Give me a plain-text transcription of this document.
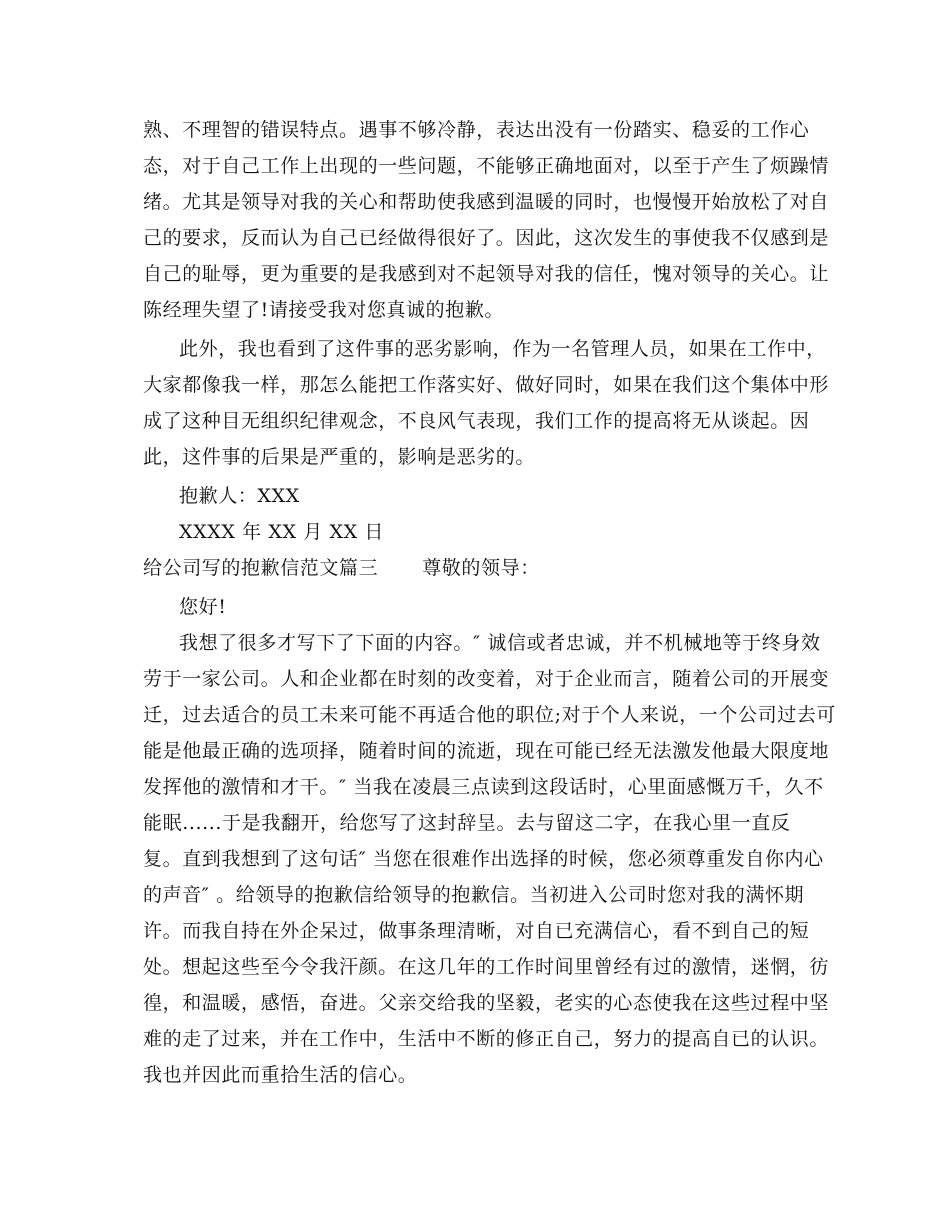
熟、不理智的错误特点。遇事不够冷静，表达出没有一份踏实、稳妥的工作心
态，对于自己工作上出现的一些问题，不能够正确地面对，以至于产生了烦躁情
绪。尤其是领导对我的关心和帮助使我感到温暖的同时，也慢慢开始放松了对自
己的要求，反而认为自己已经做得很好了。因此，这次发生的事使我不仅感到是
自己的耻辱，更为重要的是我感到对不起领导对我的信任，愧对领导的关心。让
陈经理失望了!请接受我对您真诚的抱歉。
此外，我也看到了这件事的恶劣影响，作为一名管理人员，如果在工作中，
大家都像我一样，那怎么能把工作落实好、做好同时，如果在我们这个集体中形
成了这种目无组织纪律观念，不良风气表现，我们工作的提高将无从谈起。因
此，这件事的后果是严重的，影响是恶劣的。
抱歉人：XXX
XXXX 年 XX 月 XX 日
给公司写的抱歉信范文篇三 尊敬的领导：
您好!
我想了很多才写下了下面的内容。″ 诚信或者忠诚，并不机械地等于终身效
劳于一家公司。人和企业都在时刻的改变着，对于企业而言，随着公司的开展变
迁，过去适合的员工未来可能不再适合他的职位;对于个人来说，一个公司过去可
能是他最正确的选项择，随着时间的流逝，现在可能已经无法激发他最大限度地
发挥他的激情和才干。″ 当我在凌晨三点读到这段话时，心里面感慨万千，久不
能眠......于是我翻开，给您写了这封辞呈。去与留这二字，在我心里一直反
复。直到我想到了这句话″ 当您在很难作出选择的时候，您必须尊重发自你内心
的声音″ 。给领导的抱歉信给领导的抱歉信。当初进入公司时您对我的满怀期
许。而我自持在外企呆过，做事条理清晰，对自已充满信心，看不到自己的短
处。想起这些至今令我汗颜。在这几年的工作时间里曾经有过的激情，迷惘，彷
徨，和温暖，感悟，奋进。父亲交给我的坚毅，老实的心态使我在这些过程中坚
难的走了过来，并在工作中，生活中不断的修正自己，努力的提高自已的认识。
我也并因此而重拾生活的信心。
